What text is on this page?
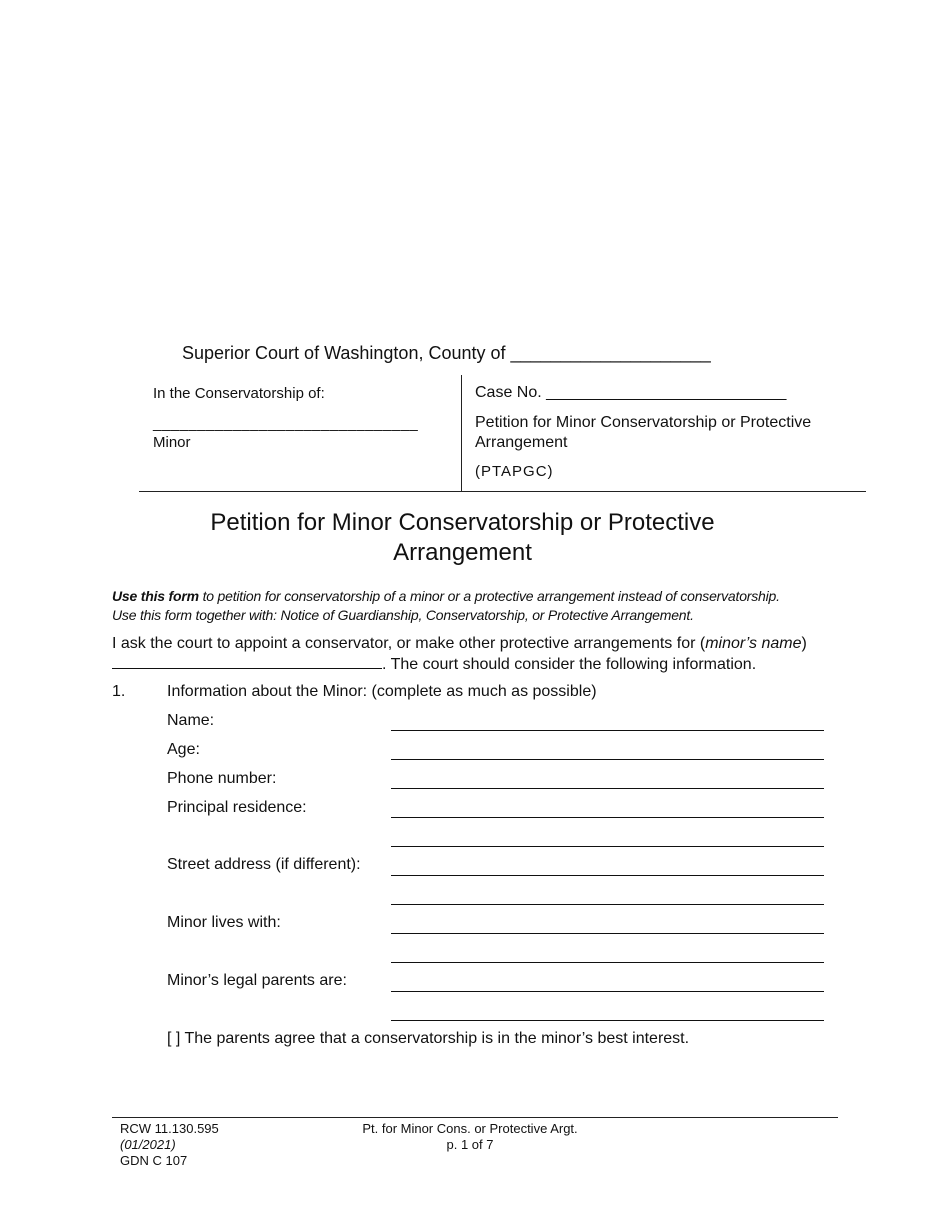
Superior Court of Washington, County of ____________________
In the Conservatorship of:
______________________________
Minor
Case No. ___________________________
Petition for Minor Conservatorship or Protective Arrangement
(PTAPGC)
Petition for Minor Conservatorship or Protective Arrangement
Use this form to petition for conservatorship of a minor or a protective arrangement instead of conservatorship.
Use this form together with: Notice of Guardianship, Conservatorship, or Protective Arrangement.
I ask the court to appoint a conservator, or make other protective arrangements for (minor’s name) . The court should consider the following information.
1.	Information about the Minor: (complete as much as possible)
Name:
Age:
Phone number:
Principal residence:
Street address (if different):
Minor lives with:
Minor’s legal parents are:
[ ] The parents agree that a conservatorship is in the minor’s best interest.
RCW 11.130.595
(01/2021)
GDN C 107
Pt. for Minor Cons. or Protective Argt.
p. 1 of 7
